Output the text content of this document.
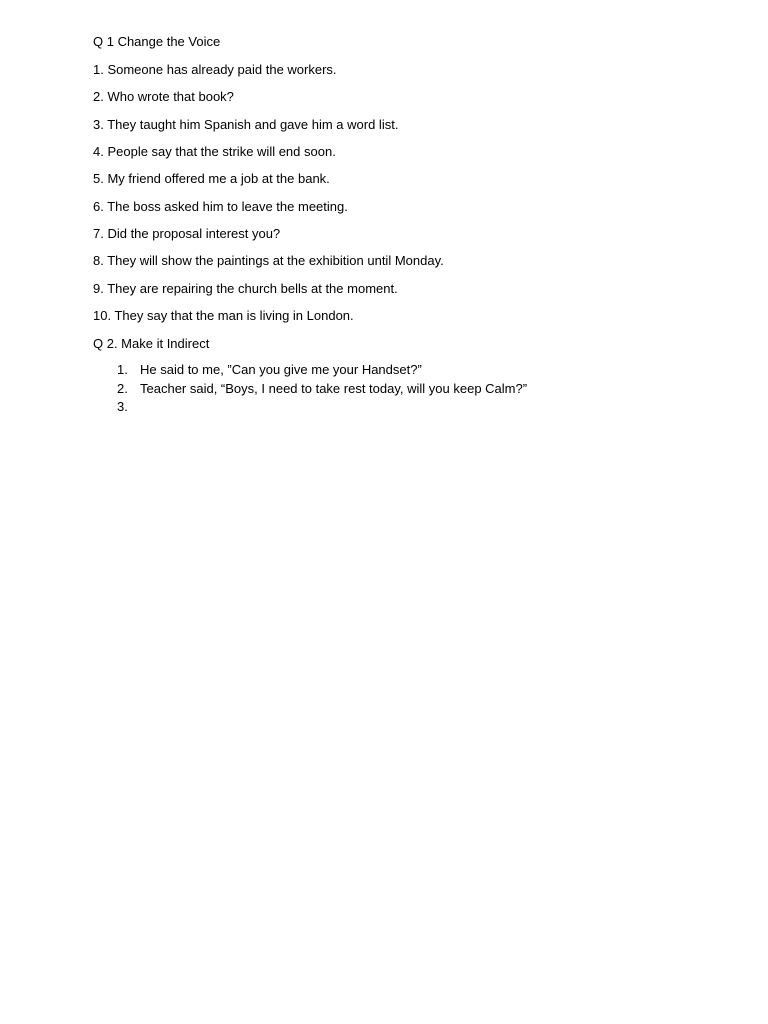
Q 1 Change the Voice
1. Someone has already paid the workers.
2. Who wrote that book?
3. They taught him Spanish and gave him a word list.
4. People say that the strike will end soon.
5. My friend offered me a job at the bank.
6. The boss asked him to leave the meeting.
7. Did the proposal interest you?
8. They will show the paintings at the exhibition until Monday.
9. They are repairing the church bells at the moment.
10. They say that the man is living in London.
Q 2. Make it Indirect
1. He said to me, ”Can you give me your Handset?”
2. Teacher said, “Boys, I need to take rest today, will you keep Calm?”
3.
